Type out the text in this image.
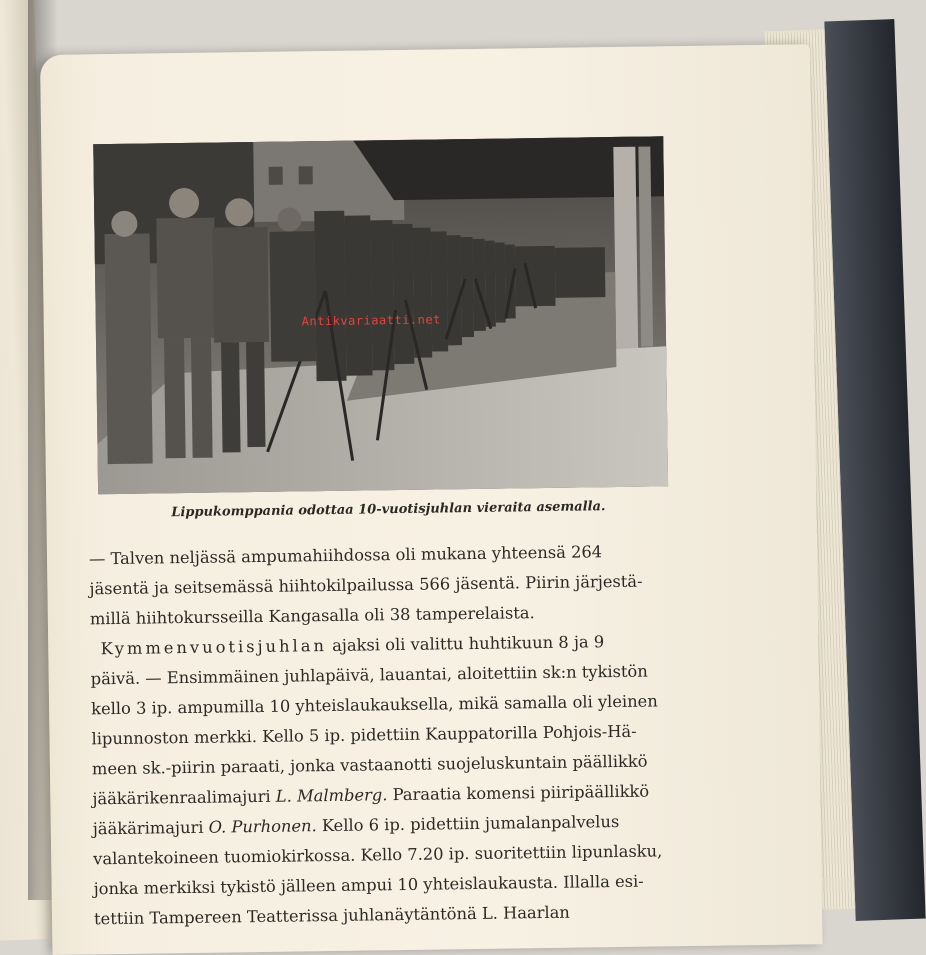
Antikvariaatti.net
Lippukomppania odottaa 10-vuotisjuhlan vieraita asemalla.
— Talven neljässä ampumahiihdossa oli mukana yhteensä 264
jäsentä ja seitsemässä hiihtokilpailussa 566 jäsentä. Piirin järjestä-
millä hiihtokursseilla Kangasalla oli 38 tamperelaista.
Kymmenvuotisjuhlan ajaksi oli valittu huhtikuun 8 ja 9
päivä. — Ensimmäinen juhlapäivä, lauantai, aloitettiin sk:n tykistön
kello 3 ip. ampumilla 10 yhteislaukauksella, mikä samalla oli yleinen
lipunnoston merkki. Kello 5 ip. pidettiin Kauppatorilla Pohjois-Hä-
meen sk.-piirin paraati, jonka vastaanotti suojeluskuntain päällikkö
jääkärikenraalimajuri L. Malmberg. Paraatia komensi piiripäällikkö
jääkärimajuri O. Purhonen. Kello 6 ip. pidettiin jumalanpalvelus
valantekoineen tuomiokirkossa. Kello 7.20 ip. suoritettiin lipunlasku,
jonka merkiksi tykistö jälleen ampui 10 yhteislaukausta. Illalla esi-
tettiin Tampereen Teatterissa juhlanäytäntönä L. Haarlan
